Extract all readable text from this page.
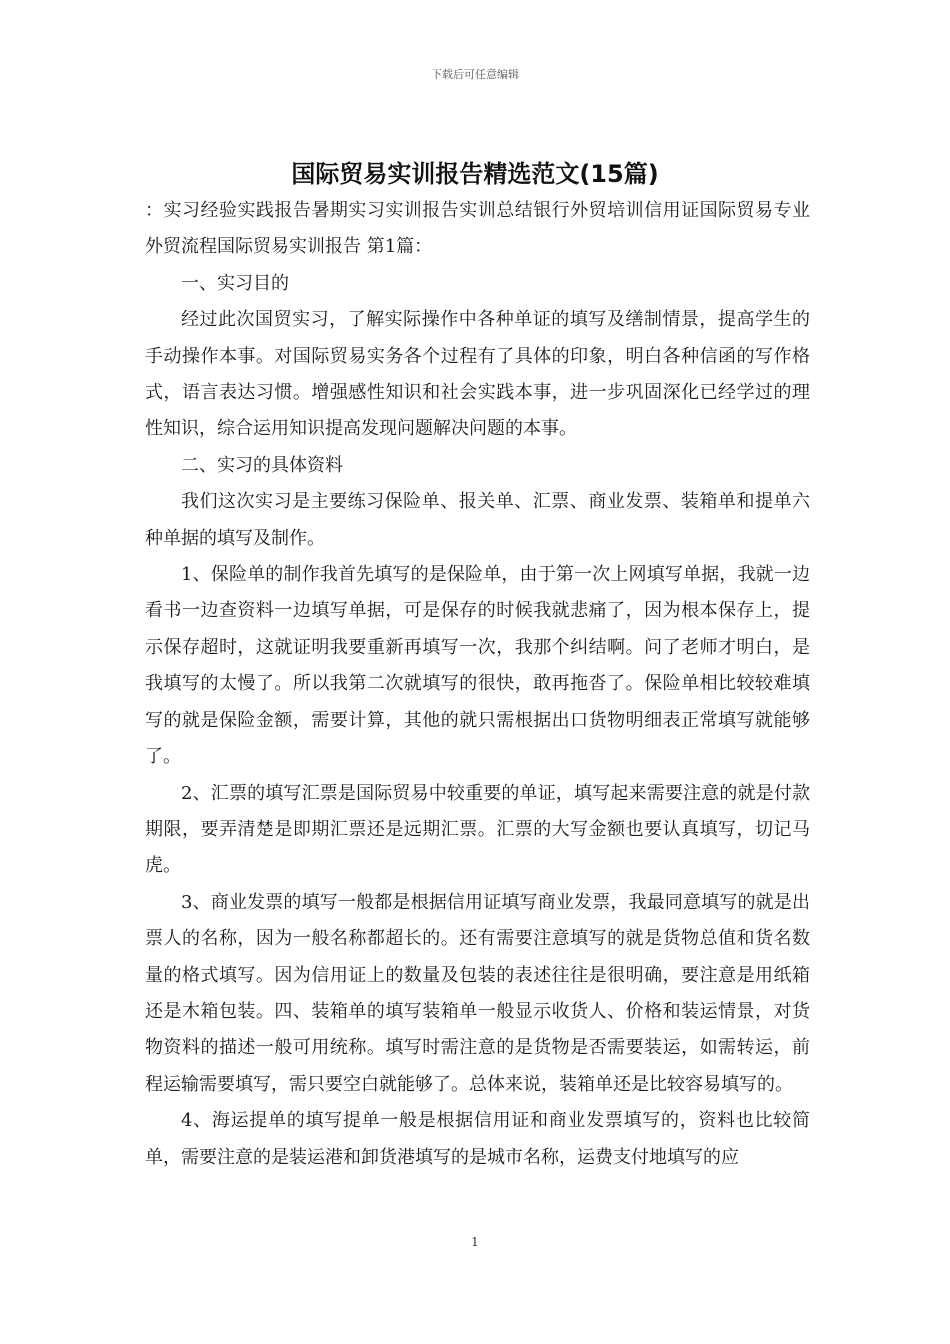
下载后可任意编辑
国际贸易实训报告精选范文(15篇)

：实习经验实践报告暑期实习实训报告实训总结银行外贸培训信用证国际贸易专业外贸流程国际贸易实训报告 第1篇：

一、实习目的

经过此次国贸实习，了解实际操作中各种单证的填写及缮制情景，提高学生的手动操作本事。对国际贸易实务各个过程有了具体的印象，明白各种信函的写作格式，语言表达习惯。增强感性知识和社会实践本事，进一步巩固深化已经学过的理性知识，综合运用知识提高发现问题解决问题的本事。

二、实习的具体资料

我们这次实习是主要练习保险单、报关单、汇票、商业发票、装箱单和提单六种单据的填写及制作。

1、保险单的制作我首先填写的是保险单，由于第一次上网填写单据，我就一边看书一边查资料一边填写单据，可是保存的时候我就悲痛了，因为根本保存上，提示保存超时，这就证明我要重新再填写一次，我那个纠结啊。问了老师才明白，是我填写的太慢了。所以我第二次就填写的很快，敢再拖沓了。保险单相比较较难填写的就是保险金额，需要计算，其他的就只需根据出口货物明细表正常填写就能够了。

2、汇票的填写汇票是国际贸易中较重要的单证，填写起来需要注意的就是付款期限，要弄清楚是即期汇票还是远期汇票。汇票的大写金额也要认真填写，切记马虎。

3、商业发票的填写一般都是根据信用证填写商业发票，我最同意填写的就是出票人的名称，因为一般名称都超长的。还有需要注意填写的就是货物总值和货名数量的格式填写。因为信用证上的数量及包装的表述往往是很明确，要注意是用纸箱还是木箱包装。四、装箱单的填写装箱单一般显示收货人、价格和装运情景，对货物资料的描述一般可用统称。填写时需注意的是货物是否需要装运，如需转运，前程运输需要填写，需只要空白就能够了。总体来说，装箱单还是比较容易填写的。

4、海运提单的填写提单一般是根据信用证和商业发票填写的，资料也比较简单，需要注意的是装运港和卸货港填写的是城市名称，运费支付地填写的应

1
